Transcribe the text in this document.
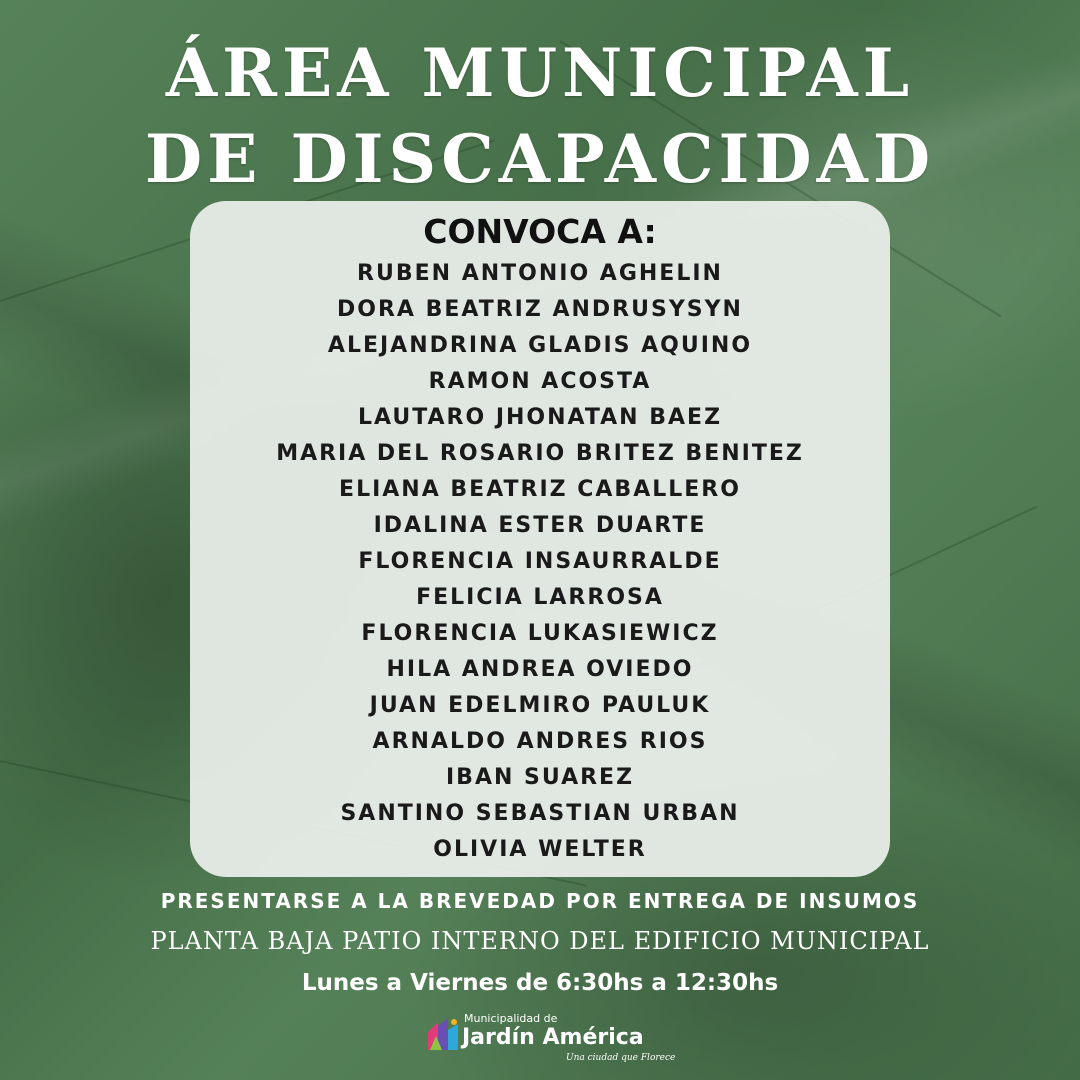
ÁREA MUNICIPAL
DE DISCAPACIDAD
CONVOCA A:
RUBEN ANTONIO AGHELIN
DORA BEATRIZ ANDRUSYSYN
ALEJANDRINA GLADIS AQUINO
RAMON ACOSTA
LAUTARO JHONATAN BAEZ
MARIA DEL ROSARIO BRITEZ BENITEZ
ELIANA BEATRIZ CABALLERO
IDALINA ESTER DUARTE
FLORENCIA INSAURRALDE
FELICIA LARROSA
FLORENCIA LUKASIEWICZ
HILA ANDREA OVIEDO
JUAN EDELMIRO PAULUK
ARNALDO ANDRES RIOS
IBAN SUAREZ
SANTINO SEBASTIAN URBAN
OLIVIA WELTER
PRESENTARSE A LA BREVEDAD POR ENTREGA DE INSUMOS
PLANTA BAJA PATIO INTERNO DEL EDIFICIO MUNICIPAL
Lunes a Viernes de 6:30hs a 12:30hs
Municipalidad de
Jardín América
Una ciudad que Florece
